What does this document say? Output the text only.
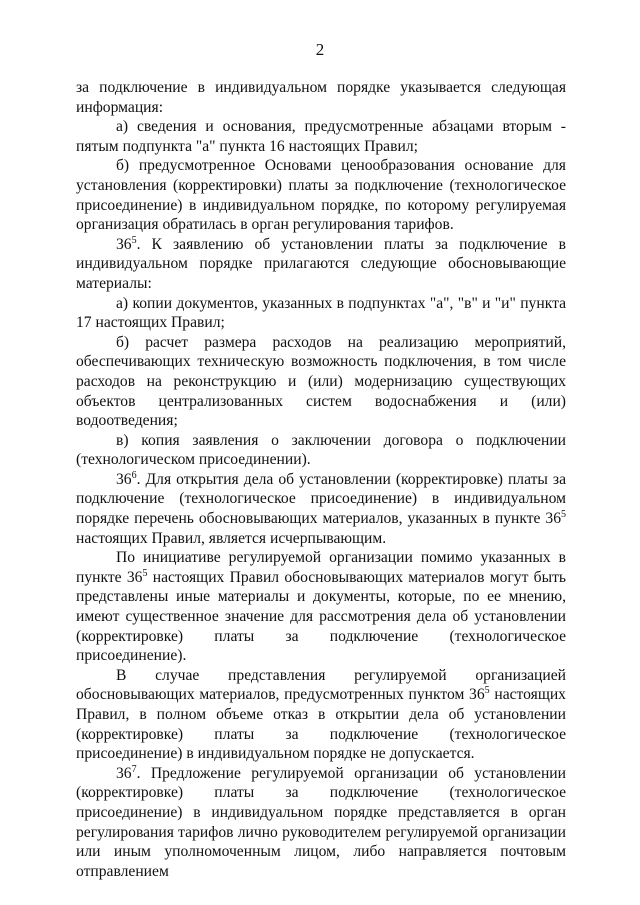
2

за подключение в индивидуальном порядке указывается следующая информация:

а) сведения и основания, предусмотренные абзацами вторым - пятым подпункта "а" пункта 16 настоящих Правил;

б) предусмотренное Основами ценообразования основание для установления (корректировки) платы за подключение (технологическое присоединение) в индивидуальном порядке, по которому регулируемая организация обратилась в орган регулирования тарифов.

$36^5$. К заявлению об установлении платы за подключение в индивидуальном порядке прилагаются следующие обосновывающие материалы:

а) копии документов, указанных в подпунктах "а", "в" и "и" пункта 17 настоящих Правил;

б) расчет размера расходов на реализацию мероприятий, обеспечивающих техническую возможность подключения, в том числе расходов на реконструкцию и (или) модернизацию существующих объектов централизованных систем водоснабжения и (или) водоотведения;

в) копия заявления о заключении договора о подключении (технологическом присоединении).

$36^6$. Для открытия дела об установлении (корректировке) платы за подключение (технологическое присоединение) в индивидуальном порядке перечень обосновывающих материалов, указанных в пункте $36^5$ настоящих Правил, является исчерпывающим.

По инициативе регулируемой организации помимо указанных в пункте $36^5$ настоящих Правил обосновывающих материалов могут быть представлены иные материалы и документы, которые, по ее мнению, имеют существенное значение для рассмотрения дела об установлении (корректировке) платы за подключение (технологическое присоединение).

В случае представления регулируемой организацией обосновывающих материалов, предусмотренных пунктом $36^5$ настоящих Правил, в полном объеме отказ в открытии дела об установлении (корректировке) платы за подключение (технологическое присоединение) в индивидуальном порядке не допускается.

$36^7$. Предложение регулируемой организации об установлении (корректировке) платы за подключение (технологическое присоединение) в индивидуальном порядке представляется в орган регулирования тарифов лично руководителем регулируемой организации или иным уполномоченным лицом, либо направляется почтовым отправлением
